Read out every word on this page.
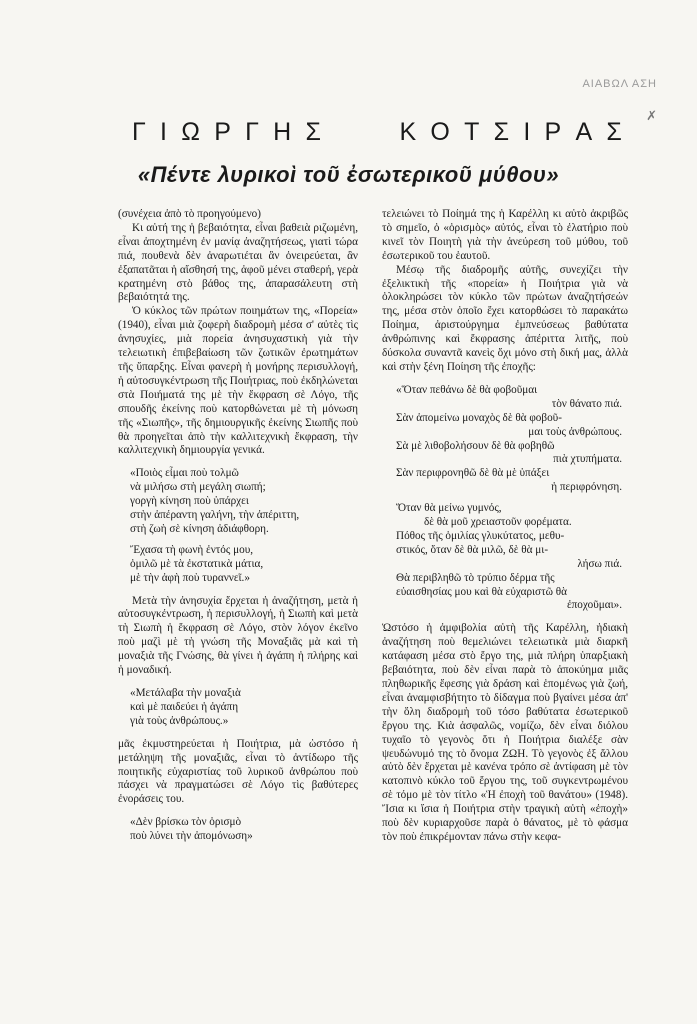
ΑΙΑΒΩΛ ΑΣΗ
✗
Γ Ι Ω Ρ Γ Η Σ	Κ Ο Τ Σ Ι Ρ Α Σ
«Πέντε λυρικοὶ τοῦ ἐσωτερικοῦ μύθου»

(συνέχεια ἀπὸ τὸ προηγούμενο)

Κι αὐτή της ἡ βεβαιότητα, εἶναι βαθειὰ ριζωμένη, εἶναι ἀποχτημένη ἐν μανίᾳ ἀναζητήσεως, γιατὶ τώρα πιά, πουθενὰ δὲν ἀναρωτιέται ἂν ὀνειρεύεται, ἂν ἐξαπατᾶται ἡ αἴσθησή της, ἀφοῦ μένει σταθερή, γερὰ κρατημένη στὸ βάθος της, ἀπαρασάλευτη στὴ βεβαιότητά της.

Ὁ κύκλος τῶν πρώτων ποιημάτων της, «Πορεία» (1940), εἶναι μιὰ ζοφερὴ διαδρομὴ μέσα σ' αὐτὲς τὶς ἀνησυχίες, μιὰ πορεία ἀνησυχαστικὴ γιὰ τὴν τελειωτικὴ ἐπιβεβαίωση τῶν ζωτικῶν ἐρωτημάτων τῆς ὕπαρξης. Εἶναι φανερὴ ἡ μονήρης περισυλλογή, ἡ αὐτοσυγκέντρωση τῆς Ποιήτριας, ποὺ ἐκδηλώνεται στὰ Ποιήματά της μὲ τὴν ἔκφραση σὲ Λόγο, τῆς σπουδῆς ἐκείνης ποὺ κατορθώνεται μὲ τὴ μόνωση τῆς «Σιωπῆς», τῆς δημιουργικῆς ἐκείνης Σιωπῆς ποὺ θὰ προηγεῖται ἀπὸ τὴν καλλιτεχνικὴ ἔκφραση, τὴν καλλιτεχνικὴ δημιουργία γενικά.

«Ποιὸς εἶμαι ποὺ τολμῶ
νὰ μιλήσω στὴ μεγάλη σιωπή;
γοργὴ κίνηση ποὺ ὑπάρχει
στὴν ἀπέραντη γαλήνη, τὴν ἀπέριττη,
στὴ ζωὴ σὲ κίνηση ἀδιάφθορη.
Ἔχασα τὴ φωνὴ ἐντός μου,
ὁμιλῶ μὲ τὰ ἐκστατικὰ μάτια,
μὲ τὴν ἀφὴ ποὺ τυραννεῖ.»

Μετὰ τὴν ἀνησυχία ἔρχεται ἡ ἀναζήτηση, μετὰ ἡ αὐτοσυγκέντρωση, ἡ περισυλλογή, ἡ Σιωπὴ καὶ μετὰ τὴ Σιωπὴ ἡ ἔκφραση σὲ Λόγο, στὸν λόγον ἐκεῖνο ποὺ μαζὶ μὲ τὴ γνώση τῆς Μοναξιᾶς μὰ καὶ τὴ μοναξιὰ τῆς Γνώσης, θὰ γίνει ἡ ἀγάπη ἡ πλήρης καὶ ἡ μοναδική.

«Μετάλαβα τὴν μοναξιὰ
καὶ μὲ παιδεύει ἡ ἀγάπη
γιὰ τοὺς ἀνθρώπους.»

μᾶς ἐκμυστηρεύεται ἡ Ποιήτρια, μὰ ὡστόσο ἡ μετάληψη τῆς μοναξιᾶς, εἶναι τὸ ἀντίδωρο τῆς ποιητικῆς εὐχαριστίας τοῦ λυρικοῦ ἀνθρώπου ποὺ πάσχει νὰ πραγματώσει σὲ Λόγο τὶς βαθύτερες ἐνοράσεις του.

«Δὲν βρίσκω τὸν ὁρισμὸ
ποὺ λύνει τὴν ἀπομόνωση»

τελειώνει τὸ Ποίημά της ἡ Καρέλλη κι αὐτὸ ἀκριβῶς τὸ σημεῖο, ὁ «ὁρισμὸς» αὐτός, εἶναι τὸ ἐλατήριο ποὺ κινεῖ τὸν Ποιητὴ γιὰ τὴν ἀνεύρεση τοῦ μύθου, τοῦ ἐσωτερικοῦ του ἑαυτοῦ.

Μέσῳ τῆς διαδρομῆς αὐτῆς, συνεχίζει τὴν ἐξελικτικὴ τῆς «πορεία» ἡ Ποιήτρια γιὰ νὰ ὁλοκληρώσει τὸν κύκλο τῶν πρώτων ἀναζητήσεών της, μέσα στὸν ὁποῖο ἔχει κατορθώσει τὸ παρακάτω Ποίημα, ἀριστούργημα ἐμπνεύσεως βαθύτατα ἀνθρώπινης καὶ ἔκφρασης ἀπέριττα λιτῆς, ποὺ δύσκολα συναντᾶ κανεὶς ὄχι μόνο στὴ δική μας, ἀλλὰ καὶ στὴν ξένη Ποίηση τῆς ἐποχῆς:

«Ὅταν πεθάνω δὲ θὰ φοβοῦμαι
τὸν θάνατο πιά.
Σὰν ἀπομείνω μοναχὸς δὲ θὰ φοβοῦ-
μαι τοὺς ἀνθρώπους.
Σὰ μὲ λιθοβολήσουν δὲ θὰ φοβηθῶ
πιὰ χτυπήματα.
Σὰν περιφρονηθῶ δὲ θὰ μὲ ὑπάξει
ἡ περιφρόνηση.
Ὅταν θὰ μείνω γυμνός,
δὲ θὰ μοῦ χρειαστοῦν φορέματα.
Πόθος τῆς ὁμιλίας γλυκύτατος, μεθυ-
στικός, ὅταν δὲ θὰ μιλῶ, δὲ θὰ μι-
λήσω πιά.
Θὰ περιβληθῶ τὸ τρύπιο δέρμα τῆς
εὐαισθησίας μου καὶ θὰ εὐχαριστῶ θὰ
ἐποχοῦμαι».

Ὡστόσο ἡ ἀμφιβολία αὐτὴ τῆς Καρέλλη, ἡδιακὴ ἀναζήτηση ποὺ θεμελιώνει τελειωτικὰ μιὰ διαρκῆ κατάφαση μέσα στὸ ἔργο της, μιὰ πλήρη ὑπαρξιακὴ βεβαιότητα, ποὺ δὲν εἶναι παρὰ τὸ ἀποκύημα μιᾶς πληθωρικῆς ἔφεσης γιὰ δράση καὶ ἑπομένως γιὰ ζωή, εἶναι ἀναμφισβήτητο τὸ δίδαγμα ποὺ βγαίνει μέσα ἀπ' τὴν ὅλη διαδρομὴ τοῦ τόσο βαθύτατα ἐσωτερικοῦ ἔργου της. Κιὰ ἀσφαλῶς, νομίζω, δὲν εἶναι διόλου τυχαῖο τὸ γεγονὸς ὅτι ἡ Ποιήτρια διαλέξε σὰν ψευδώνυμό της τὸ ὄνομα ΖΩΗ. Τὸ γεγονὸς ἐξ ἄλλου αὐτὸ δὲν ἔρχεται μὲ κανένα τρόπο σὲ ἀντίφαση μὲ τὸν κατοπινὸ κύκλο τοῦ ἔργου της, τοῦ συγκεντρωμένου σὲ τόμο μὲ τὸν τίτλο «Ἡ ἐποχὴ τοῦ θανάτου» (1948). Ἴσια κι ἴσια ἡ Ποιήτρια στὴν τραγικὴ αὐτὴ «ἐποχὴ» ποὺ δὲν κυριαρχοῦσε παρὰ ὁ θάνατος, μὲ τὸ φάσμα τὸν ποὺ ἐπικρέμονταν πάνω στὴν κεφα-
